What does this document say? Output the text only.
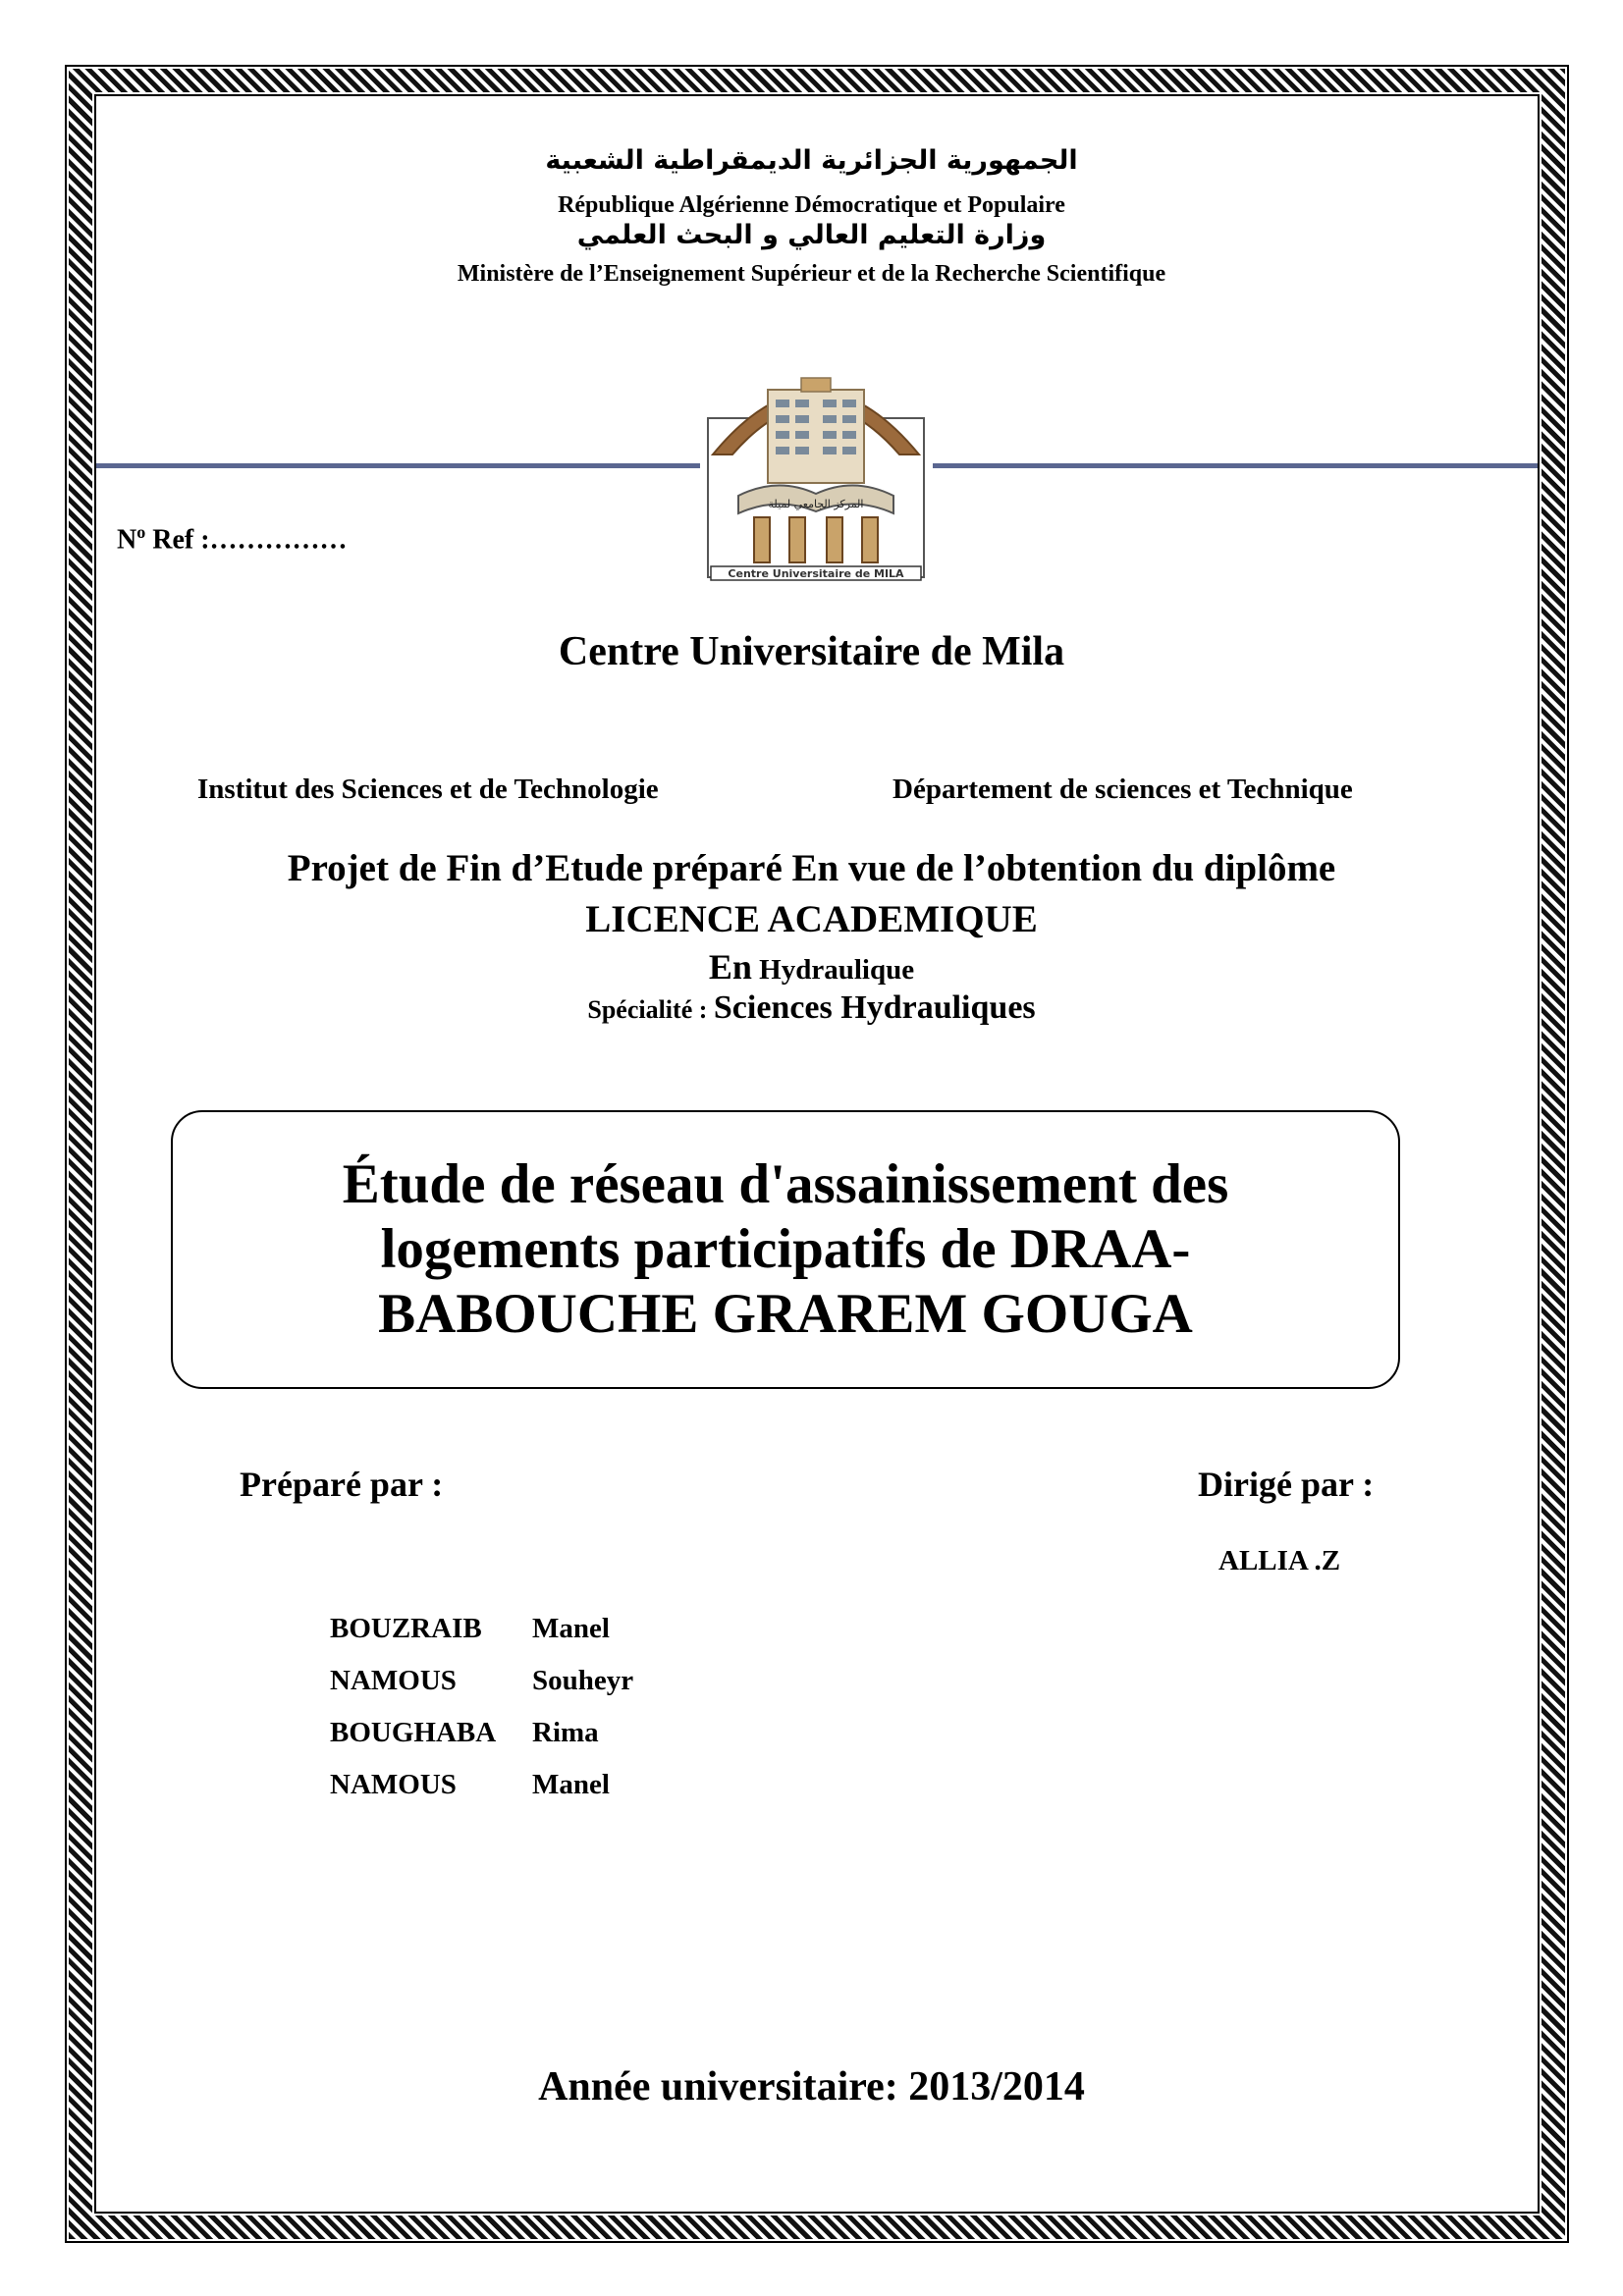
ﺍﻟﺠﻤﻬﻮﺭﻳﺔ ﺍﻟﺠﺰﺍﺋﺮﻳﺔ ﺍﻟﺪﻳﻤﻘﺮﺍﻃﻴﺔ ﺍﻟﺸﻌﺒﻴﺔ
République Algérienne Démocratique et Populaire
ﻭﺯﺍﺭﺓ ﺍﻟﺘﻌﻠﻴﻢ ﺍﻟﻌﺎﻟﻲ ﻭ ﺍﻟﺒﺤﺚ ﺍﻟﻌﻠﻤﻲ
Ministère de l’Enseignement Supérieur et de la Recherche Scientifique
المركز الجامعي لميلة
Centre Universitaire de MILA
$N^o$ Ref :……………
Centre Universitaire de Mila
Institut des Sciences et de Technologie	Département de sciences et Technique
Projet de Fin d’Etude préparé En vue de l’obtention du diplôme
LICENCE ACADEMIQUE
En Hydraulique
Spécialité : Sciences Hydrauliques
Étude de réseau d'assainissement des logements participatifs de DRAA-BABOUCHE GRAREM GOUGA
Préparé par :	Dirigé par :
ALLIA .Z
BOUZRAIB Manel
NAMOUS	Souheyr
BOUGHABA Rima
NAMOUS	Manel
Année universitaire: 2013/2014
